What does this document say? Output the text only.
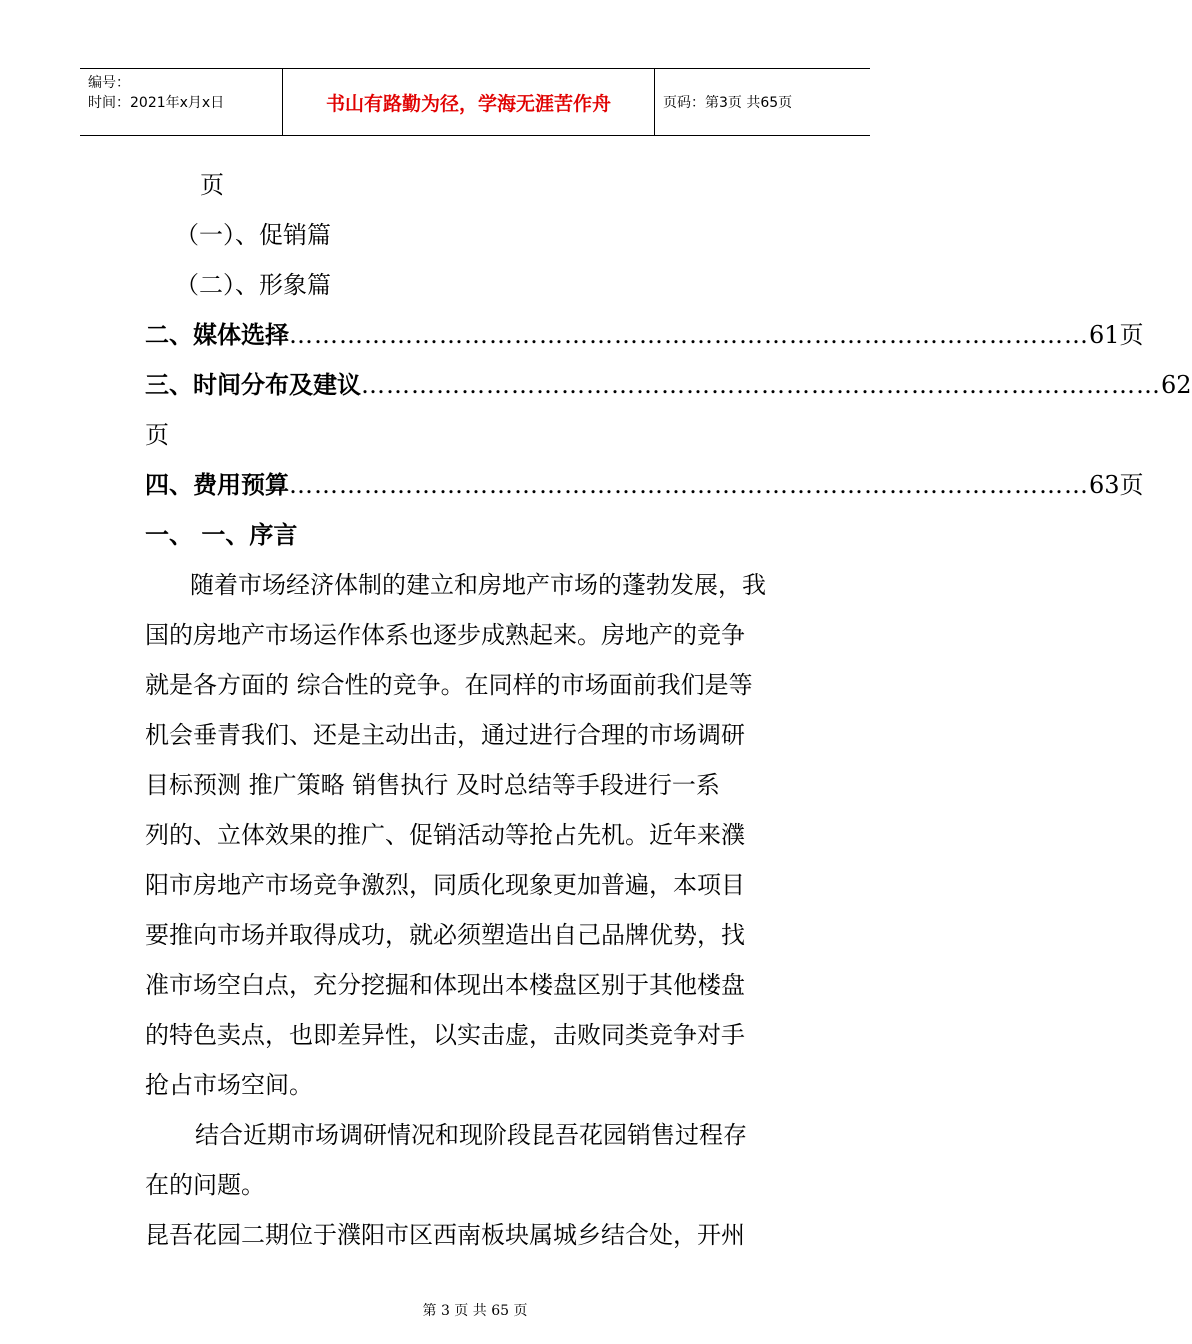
编号：
时间：2021年x月x日	书山有路勤为径，学海无涯苦作舟	页码：第3页 共65页
页
（一）、促销篇
（二）、形象篇
二、媒体选择 …………………………………………………………………………………… 61页
三、时间分布及建议 …………………………………………………………………………………… 62
页
四、费用预算 …………………………………………………………………………………… 63页
一、 一、序言
随着市场经济体制的建立和房地产市场的蓬勃发展，我
国的房地产市场运作体系也逐步成熟起来。房地产的竞争
就是各方面的 综合性的竞争。在同样的市场面前我们是等
机会垂青我们、还是主动出击，通过进行合理的市场调研
目标预测 推广策略 销售执行 及时总结等手段进行一系
列的、立体效果的推广、促销活动等抢占先机。近年来濮
阳市房地产市场竞争激烈，同质化现象更加普遍，本项目
要推向市场并取得成功，就必须塑造出自己品牌优势，找
准市场空白点，充分挖掘和体现出本楼盘区别于其他楼盘
的特色卖点，也即差异性，以实击虚，击败同类竞争对手
抢占市场空间。
结合近期市场调研情况和现阶段昆吾花园销售过程存
在的问题。
昆吾花园二期位于濮阳市区西南板块属城乡结合处，开州
第 3 页 共 65 页
